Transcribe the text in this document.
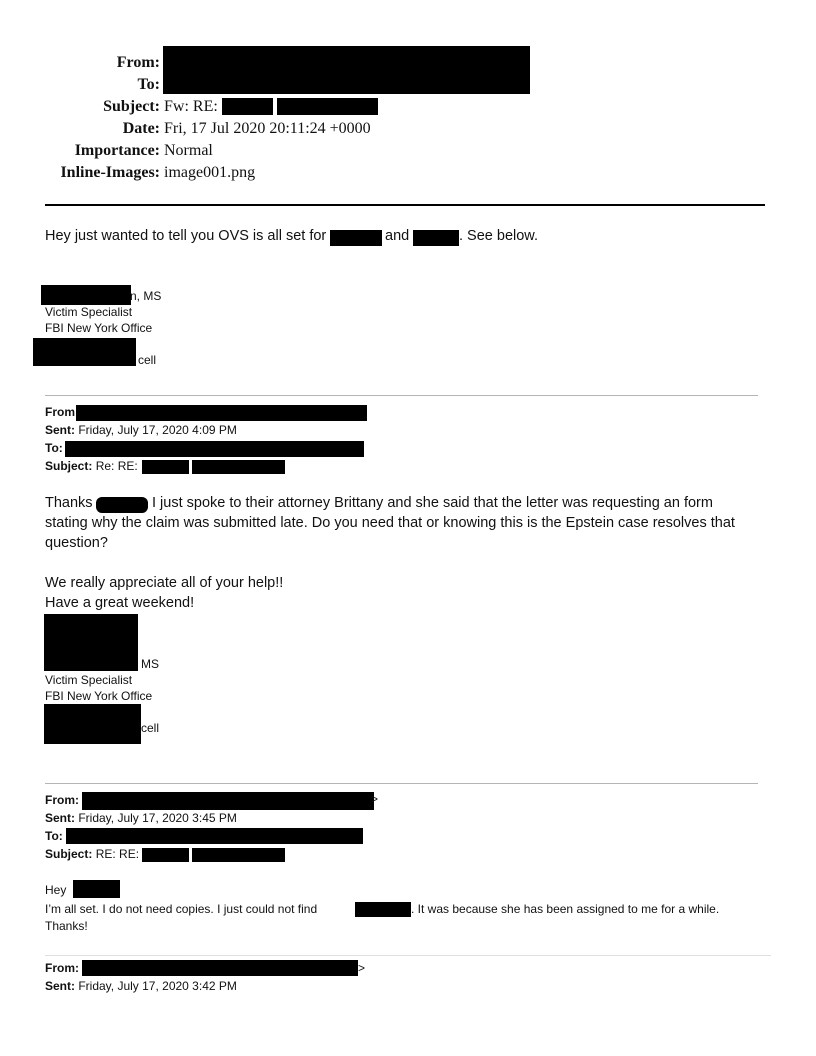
From:
To:
Subject: Fw: RE:
Date: Fri, 17 Jul 2020 20:11:24 +0000
Importance: Normal
Inline-Images: image001.png
Hey just wanted to tell you OVS is all set for	and	. See below.
n, MS
Victim Specialist
FBI New York Office
cell
From
Sent: Friday, July 17, 2020 4:09 PM
To:
Subject: Re: RE:
Thanks	I just spoke to their attorney Brittany and she said that the letter was requesting an form
stating why the claim was submitted late. Do you need that or knowing this is the Epstein case resolves that
question?
We really appreciate all of your help!!
Have a great weekend!
MS
Victim Specialist
FBI New York Office
cell
From:	>
Sent: Friday, July 17, 2020 3:45 PM
To:
Subject: RE: RE:
Hey
I’m all set. I do not need copies. I just could not find	. It was because she has been assigned to me for a while.
Thanks!
From:	>
Sent: Friday, July 17, 2020 3:42 PM
